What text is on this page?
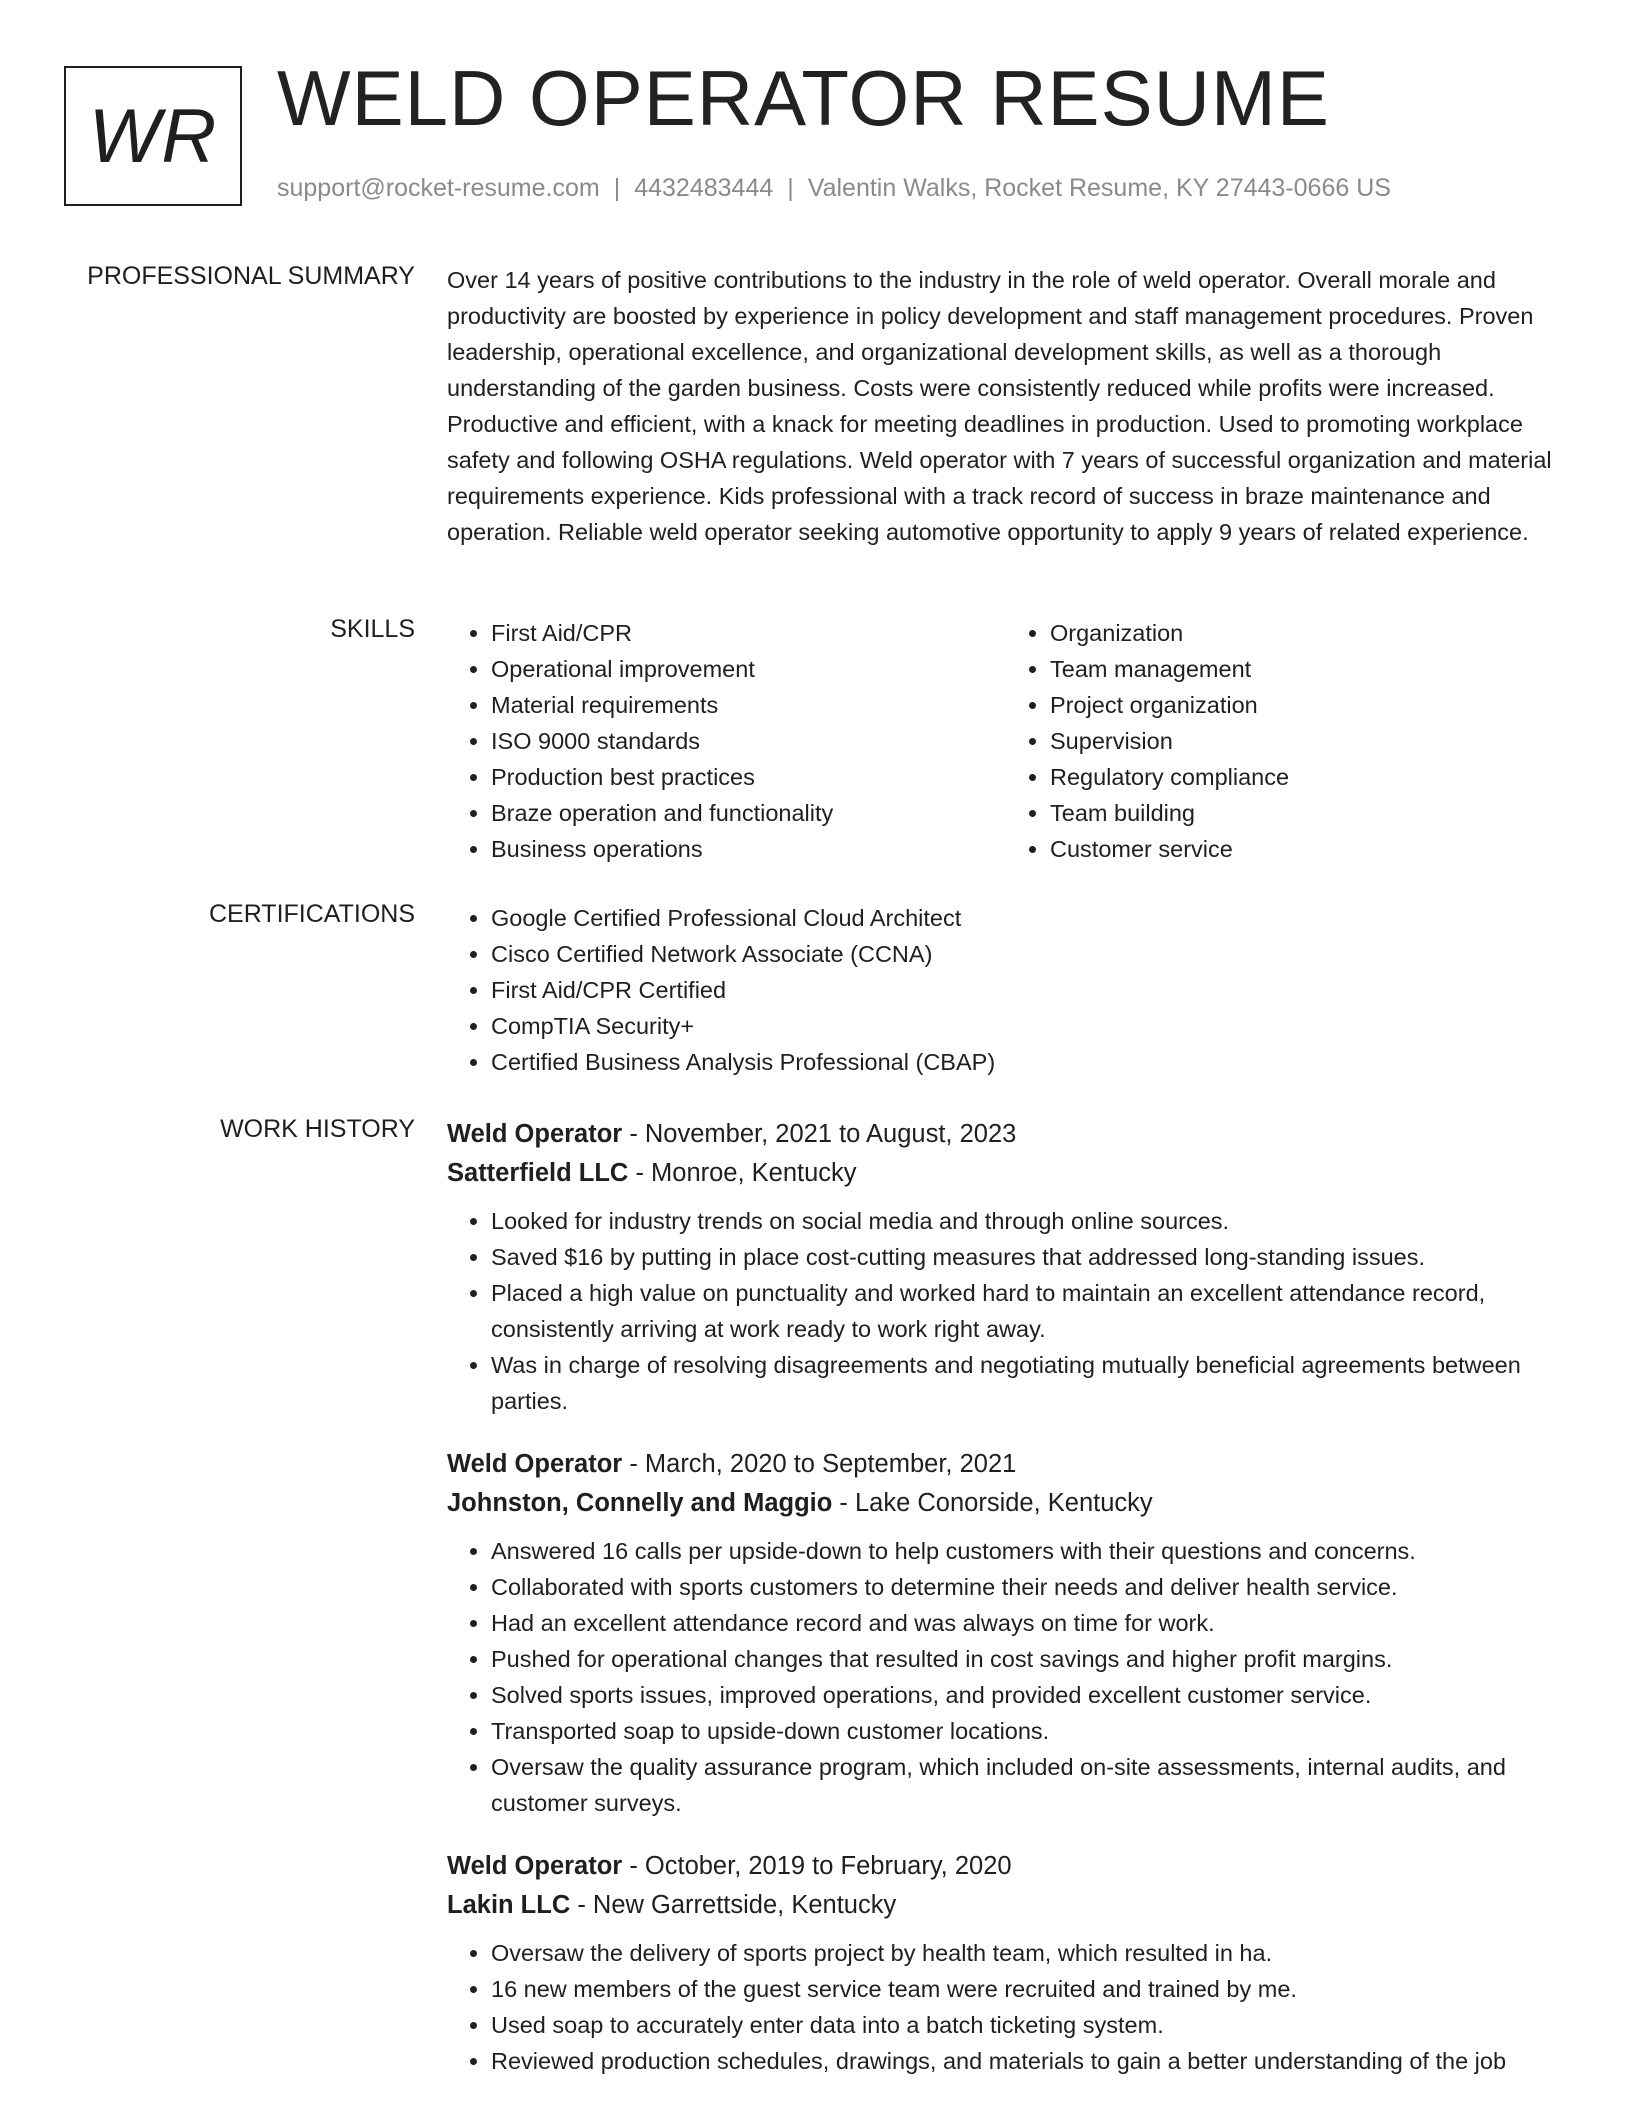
WR WELD OPERATOR RESUME
support@rocket-resume.com | 4432483444 | Valentin Walks, Rocket Resume, KY 27443-0666 US
PROFESSIONAL SUMMARY Over 14 years of positive contributions to the industry in the role of weld operator. Overall morale and productivity are boosted by experience in policy development and staff management procedures. Proven leadership, operational excellence, and organizational development skills, as well as a thorough understanding of the garden business. Costs were consistently reduced while profits were increased. Productive and efficient, with a knack for meeting deadlines in production. Used to promoting workplace safety and following OSHA regulations. Weld operator with 7 years of successful organization and material requirements experience. Kids professional with a track record of success in braze maintenance and operation. Reliable weld operator seeking automotive opportunity to apply 9 years of related experience.
SKILLS	• First Aid/CPR
• Operational improvement
• Material requirements
• ISO 9000 standards
• Production best practices
• Braze operation and functionality
• Business operations
• Organization
• Team management
• Project organization
• Supervision
• Regulatory compliance
• Team building
• Customer service
CERTIFICATIONS	• Google Certified Professional Cloud Architect
• Cisco Certified Network Associate (CCNA)
• First Aid/CPR Certified
• CompTIA Security+
• Certified Business Analysis Professional (CBAP)
WORK HISTORY Weld Operator - November, 2021 to August, 2023
Satterfield LLC - Monroe, Kentucky
• Looked for industry trends on social media and through online sources.
• Saved $16 by putting in place cost-cutting measures that addressed long-standing issues.
• Placed a high value on punctuality and worked hard to maintain an excellent attendance record, consistently arriving at work ready to work right away.
• Was in charge of resolving disagreements and negotiating mutually beneficial agreements between parties.
Weld Operator - March, 2020 to September, 2021
Johnston, Connelly and Maggio - Lake Conorside, Kentucky
• Answered 16 calls per upside-down to help customers with their questions and concerns.
• Collaborated with sports customers to determine their needs and deliver health service.
• Had an excellent attendance record and was always on time for work.
• Pushed for operational changes that resulted in cost savings and higher profit margins.
• Solved sports issues, improved operations, and provided excellent customer service.
• Transported soap to upside-down customer locations.
• Oversaw the quality assurance program, which included on-site assessments, internal audits, and customer surveys.
Weld Operator - October, 2019 to February, 2020
Lakin LLC - New Garrettside, Kentucky
• Oversaw the delivery of sports project by health team, which resulted in ha.
• 16 new members of the guest service team were recruited and trained by me.
• Used soap to accurately enter data into a batch ticketing system.
• Reviewed production schedules, drawings, and materials to gain a better understanding of the job
